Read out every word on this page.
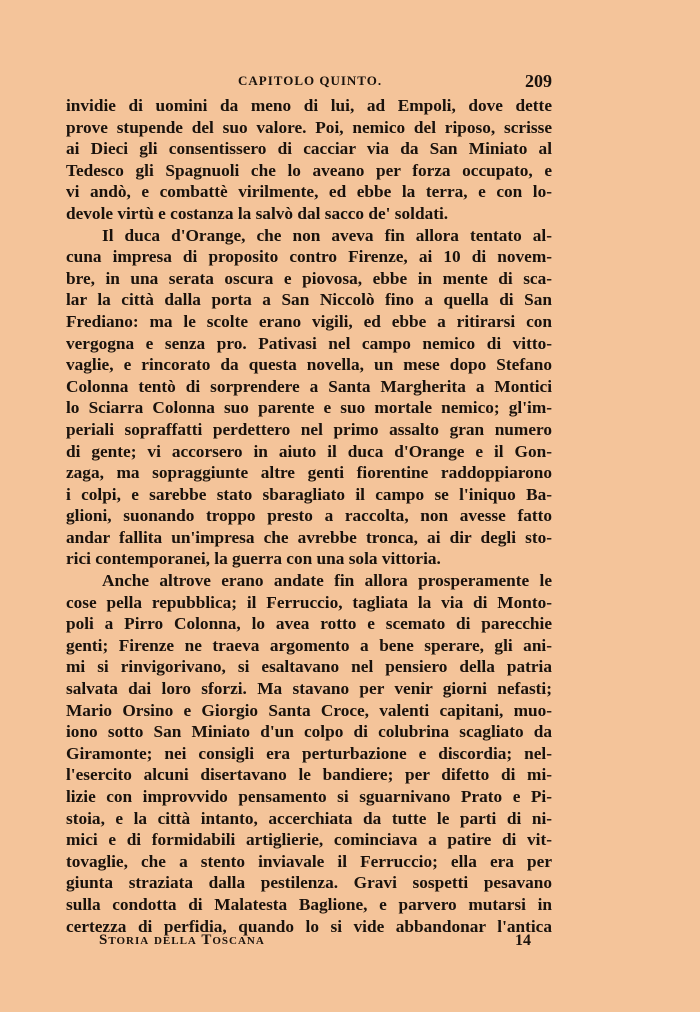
CAPITOLO QUINTO.	209
invidie di uomini da meno di lui, ad Empoli, dove dette
prove stupende del suo valore. Poi, nemico del riposo, scrisse
ai Dieci gli consentissero di cacciar via da San Miniato al
Tedesco gli Spagnuoli che lo aveano per forza occupato, e
vi andò, e combattè virilmente, ed ebbe la terra, e con lo-
devole virtù e costanza la salvò dal sacco de' soldati.
Il duca d'Orange, che non aveva fin allora tentato al-
cuna impresa di proposito contro Firenze, ai 10 di novem-
bre, in una serata oscura e piovosa, ebbe in mente di sca-
lar la città dalla porta a San Niccolò fino a quella di San
Frediano: ma le scolte erano vigili, ed ebbe a ritirarsi con
vergogna e senza pro. Pativasi nel campo nemico di vitto-
vaglie, e rincorato da questa novella, un mese dopo Stefano
Colonna tentò di sorprendere a Santa Margherita a Montici
lo Sciarra Colonna suo parente e suo mortale nemico; gl'im-
periali sopraffatti perdettero nel primo assalto gran numero
di gente; vi accorsero in aiuto il duca d'Orange e il Gon-
zaga, ma sopraggiunte altre genti fiorentine raddoppiarono
i colpi, e sarebbe stato sbaragliato il campo se l'iniquo Ba-
glioni, suonando troppo presto a raccolta, non avesse fatto
andar fallita un'impresa che avrebbe tronca, ai dir degli sto-
rici contemporanei, la guerra con una sola vittoria.
Anche altrove erano andate fin allora prosperamente le
cose pella repubblica; il Ferruccio, tagliata la via di Monto-
poli a Pirro Colonna, lo avea rotto e scemato di parecchie
genti; Firenze ne traeva argomento a bene sperare, gli ani-
mi si rinvigorivano, si esaltavano nel pensiero della patria
salvata dai loro sforzi. Ma stavano per venir giorni nefasti;
Mario Orsino e Giorgio Santa Croce, valenti capitani, muo-
iono sotto San Miniato d'un colpo di colubrina scagliato da
Giramonte; nei consigli era perturbazione e discordia; nel-
l'esercito alcuni disertavano le bandiere; per difetto di mi-
lizie con improvvido pensamento si sguarnivano Prato e Pi-
stoia, e la città intanto, accerchiata da tutte le parti di ni-
mici e di formidabili artiglierie, cominciava a patire di vit-
tovaglie, che a stento inviavale il Ferruccio; ella era per
giunta straziata dalla pestilenza. Gravi sospetti pesavano
sulla condotta di Malatesta Baglione, e parvero mutarsi in
certezza di perfidia, quando lo si vide abbandonar l'antica
Storia della Toscana	14
